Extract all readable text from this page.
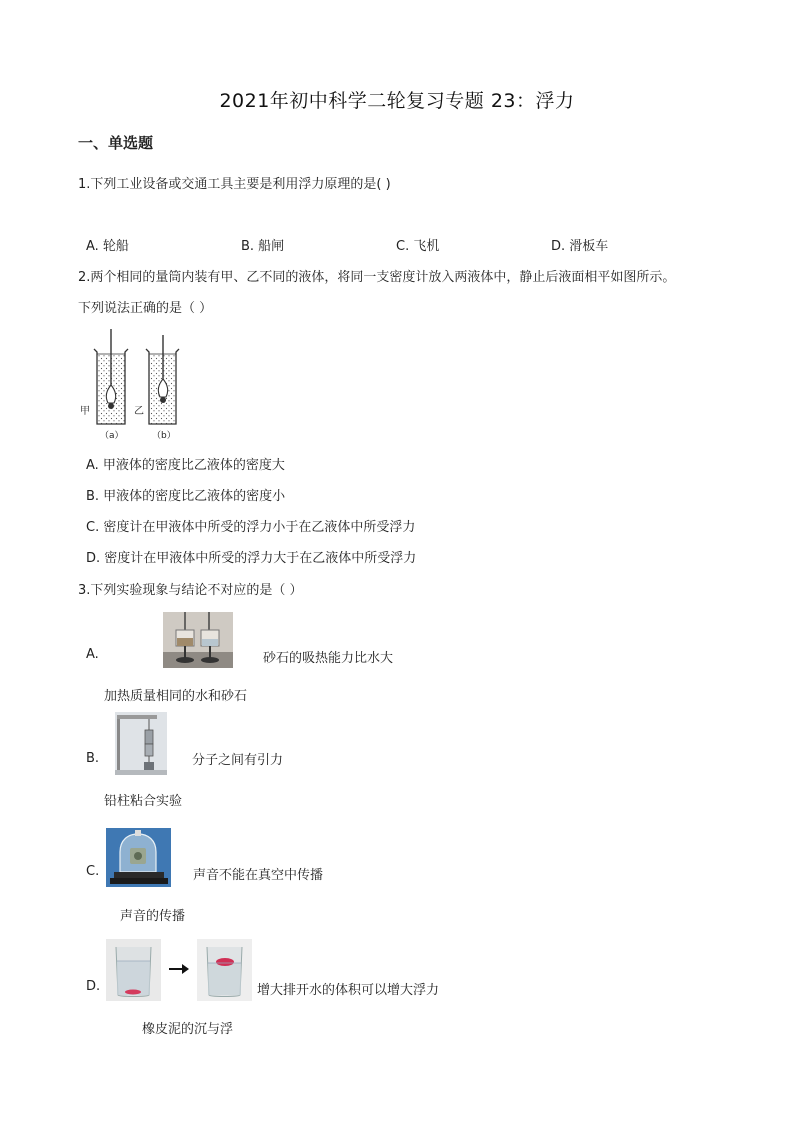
2021年初中科学二轮复习专题 23：浮力
一、单选题
1.下列工业设备或交通工具主要是利用浮力原理的是( )
A. 轮船	B. 船闸	C. 飞机	D. 滑板车
2.两个相同的量筒内装有甲、乙不同的液体，将同一支密度计放入两液体中，静止后液面相平如图所示。
下列说法正确的是（ ）
甲	乙
（a）	（b）
A. 甲液体的密度比乙液体的密度大
B. 甲液体的密度比乙液体的密度小
C. 密度计在甲液体中所受的浮力小于在乙液体中所受浮力
D. 密度计在甲液体中所受的浮力大于在乙液体中所受浮力
3.下列实验现象与结论不对应的是（ ）
A.	砂石的吸热能力比水大
加热质量相同的水和砂石
B.	分子之间有引力
铅柱粘合实验
C.	声音不能在真空中传播
声音的传播
D.	增大排开水的体积可以增大浮力
橡皮泥的沉与浮
